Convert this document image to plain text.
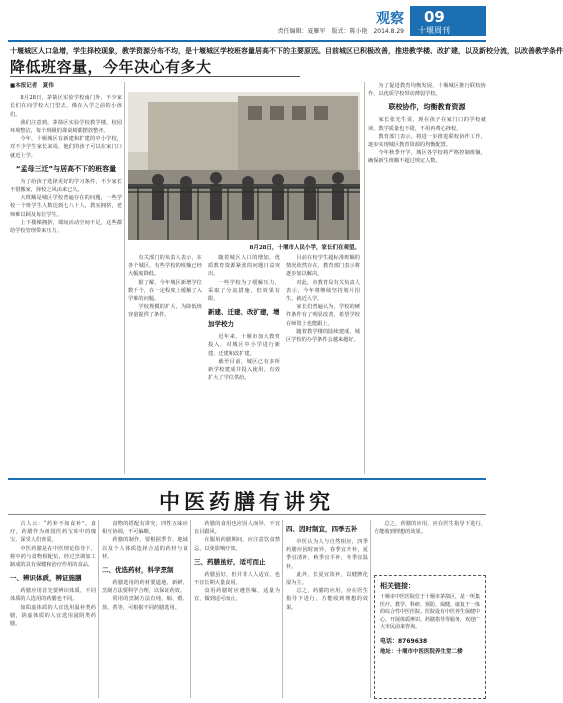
观察
责任编辑：夏雁军　版式：陈小艳　2014.8.29
09
十堰周刊
十堰城区人口急增，学生择校现象，教学资源分布不均，是十堰城区学校班容量居高不下的主要原因。目前城区已积极改善，推进教学楼、改扩建，以及新校分流，以改善教学条件
降低班容量，今年决心有多大
■本报记者　夏伟

8月28日，茅箭区实验学校南门外，不少家长们在向学校大门望去，像在入学之前的小孩们。

我们注意到，茅箭区实验学校教学楼，校园环境整洁，每个班级的课桌椅都摆放整齐。

今年，十堰城区有新建和扩建的中小学校，对不少学生家长来说，他们的孩子可以在家门口就近上学。

“孟母三迁”与居高不下的班容量

为了给孩子选择更好的学习条件，不少家长不惜搬家，择校之风由来已久。

大班额是城区学校普遍存在的问题，一些学校一个班学生人数达到七八十人，教室拥挤，老师难以顾及每位学生。

上下楼梯拥挤，课间活动空间不足，这些都给学校管理带来压力。

8月28日，十堰市人民小学，家长们在观望。

有关部门的负责人表示，在各个城区，有些学校的班额已经大幅度降低。

据了解，今年城区新增学位数千个，在一定程度上缓解了入学难的问题。

学校规模的扩大，为降低班容量提供了条件。

随着城区人口的增加，优质教育资源紧张的问题日益突出。

一些学校为了缓解压力，采取了分流措施，但效果有限。

新建、迁建、改扩建，增加学校力

近年来，十堰市加大教育投入，对城区中小学进行新建、迁建和改扩建。

截至目前，城区已有多所新学校建成并投入使用，有效扩大了学位供给。

目前在校学生超标准班额的情况依然存在，教育部门表示将逐步加以解决。

对此，市教育局有关负责人表示，今年将继续坚持划片招生，就近入学。

家长们普遍认为，学校的硬件条件有了明显改善，希望学校在师资上也能跟上。

随着教学楼的陆续建成，城区学校的办学条件会越来越好。

为了促进教育均衡发展，十堰城区推行联校协作，以优质学校带动薄弱学校。

联校协作，均衡教育资源

家长张先生说，现在孩子在家门口的学校就读，教学质量也不错，不用再费心择校。

教育部门表示，将进一步推进联校协作工作，逐步实现城区教育资源的均衡配置。

今年秋季开学，城区各学校将严格控制班额，确保新生班额不超过规定人数。

中医药膳有讲究

古人云：“药补不如食补”。食疗，药膳作为祖国医药宝库中的瑰宝，深受人们喜爱。

中医药膳是在中医理论指导下，将中药与食物相配伍，经过烹调加工制成的具有保健和治疗作用的食品。

一、辨识体质，辨证施膳

药膳应用首先要辨识体质，不同体质的人选用的药膳也不同。

如阳虚体质的人宜选用温补类药膳，阴虚体质的人宜选用滋阴类药膳。

食物的搭配有讲究，四性五味应相互协调，不可偏颇。

药膳的制作，要根据季节、地域以及个人体质选择合适的药材与食材。

二、优选药材，科学烹制

药膳选用的药材要道地、新鲜，烹制方法要科学合理，以保证药效。

常用的烹制方法有炖、焖、煨、蒸、煮等，可根据不同药膳选用。

药膳的食用也应因人而异，不宜盲目跟风。

在服用药膳期间，应注意饮食禁忌，以免影响疗效。

三、药膳虽好，适可而止

药膳虽好，但并非人人适宜，也不宜长期大量食用。

食用药膳时应遵医嘱，适量为宜，做到适可而止。

四、因时制宜，四季五补

中医认为人与自然相应，四季药膳应因时而异，春季宜升补，夏季宜清补，秋季宜平补，冬季宜温补。

此外，长夏宜淡补，以健脾化湿为主。

总之，药膳的应用，应在医生指导下进行，方能收到理想的效果。

总之，药膳的应用，应在医生指导下进行，方能收到理想的效果。

相关链接：
十堰市中医医院位于十堰市茅箭区，是一所集医疗、教学、科研、预防、保健、康复于一体的综合性中医医院。医院设有中医养生保健中心，开展体质辨识、药膳指导等服务，欢迎广大市民前来咨询。
电话：8769638
地址：十堰市中医医院养生堂二楼
